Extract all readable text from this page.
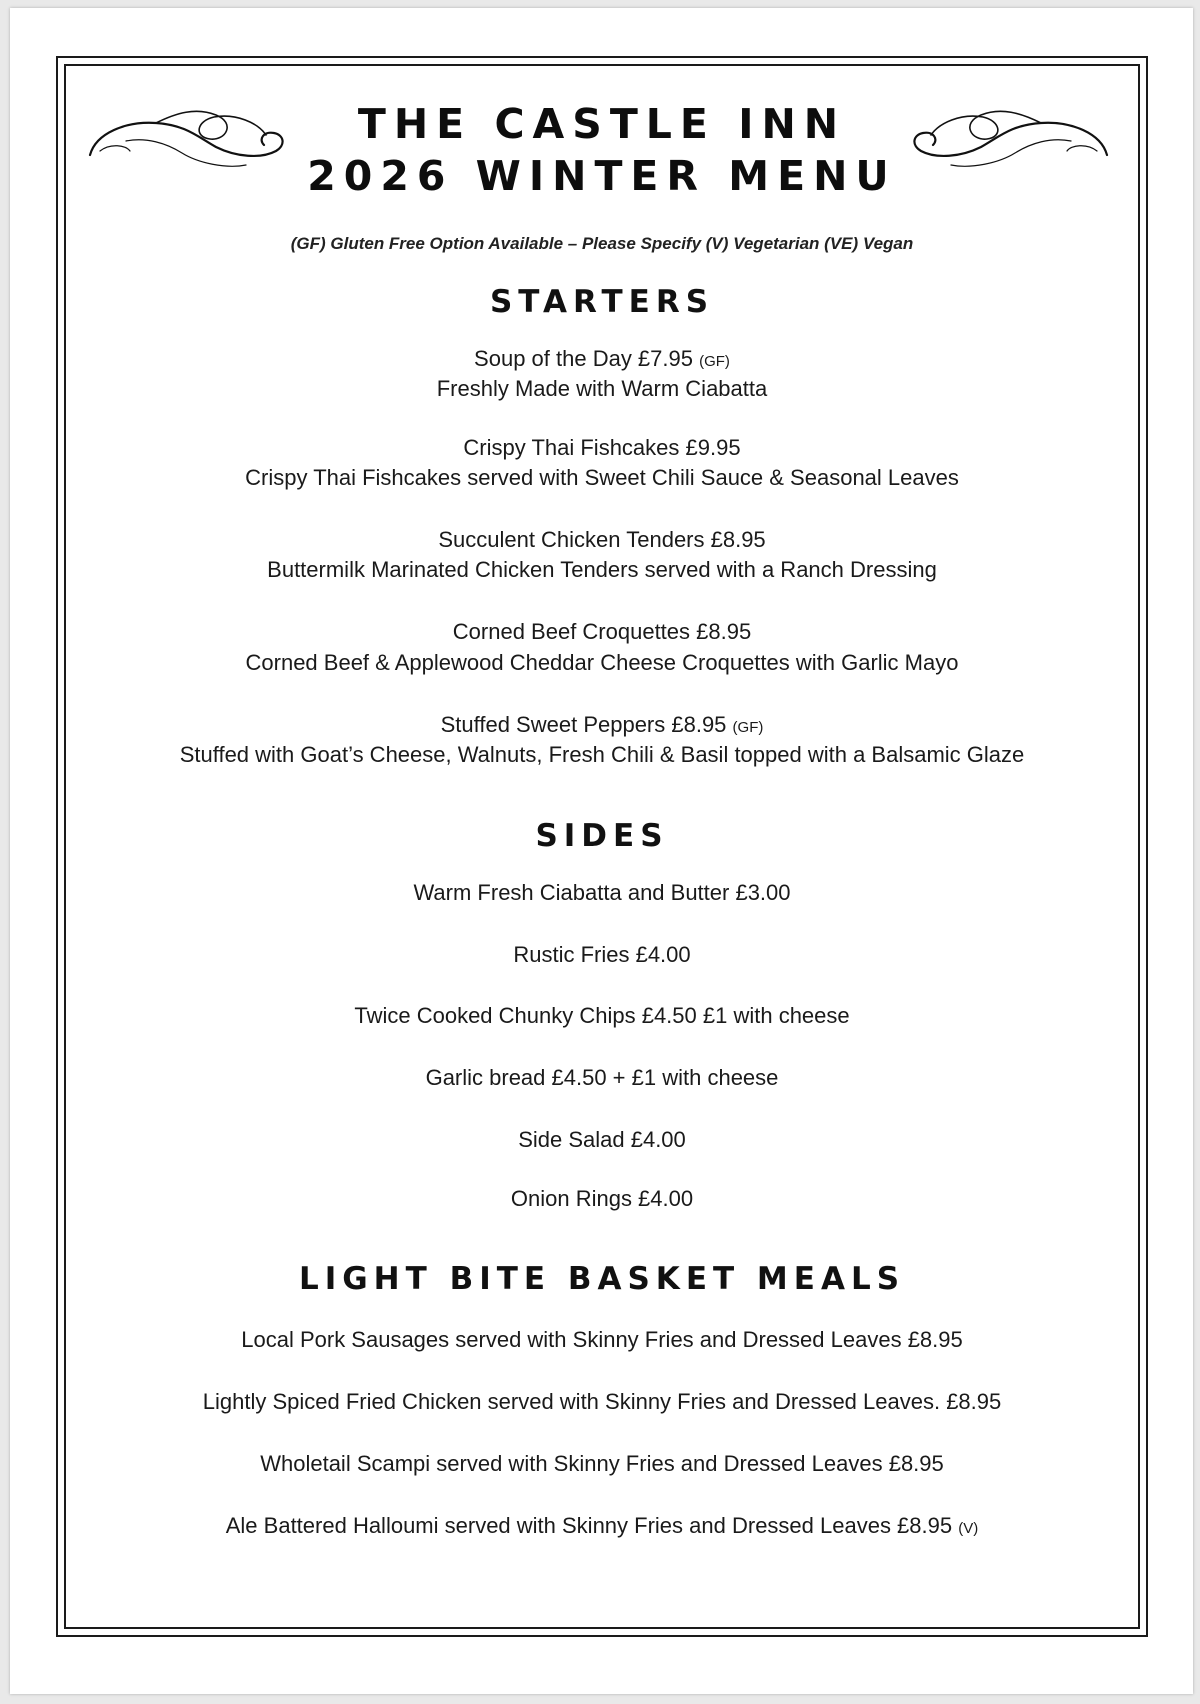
THE CASTLE INN
2026 WINTER MENU
(GF) Gluten Free Option Available – Please Specify (V) Vegetarian (VE) Vegan
STARTERS
Soup of the Day £7.95 (GF)
Freshly Made with Warm Ciabatta
Crispy Thai Fishcakes £9.95
Crispy Thai Fishcakes served with Sweet Chili Sauce & Seasonal Leaves
Succulent Chicken Tenders £8.95
Buttermilk Marinated Chicken Tenders served with a Ranch Dressing
Corned Beef Croquettes £8.95
Corned Beef & Applewood Cheddar Cheese Croquettes with Garlic Mayo
Stuffed Sweet Peppers £8.95 (GF)
Stuffed with Goat’s Cheese, Walnuts, Fresh Chili & Basil topped with a Balsamic Glaze
SIDES
Warm Fresh Ciabatta and Butter £3.00
Rustic Fries £4.00
Twice Cooked Chunky Chips £4.50 £1 with cheese
Garlic bread £4.50 + £1 with cheese
Side Salad £4.00
Onion Rings £4.00
LIGHT BITE BASKET MEALS
Local Pork Sausages served with Skinny Fries and Dressed Leaves £8.95
Lightly Spiced Fried Chicken served with Skinny Fries and Dressed Leaves. £8.95
Wholetail Scampi served with Skinny Fries and Dressed Leaves £8.95
Ale Battered Halloumi served with Skinny Fries and Dressed Leaves £8.95 (V)
